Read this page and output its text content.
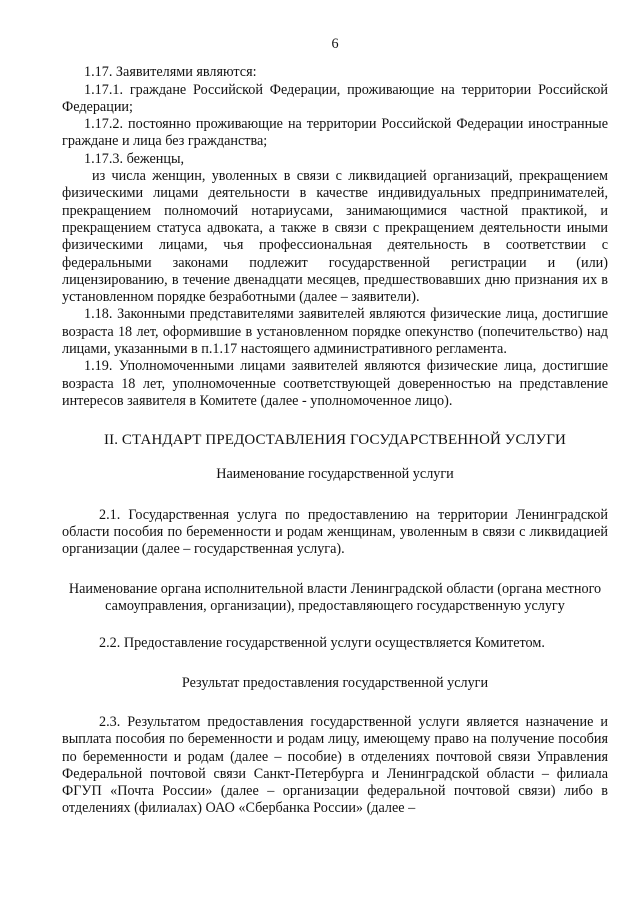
6

1.17. Заявителями являются:

1.17.1. граждане Российской Федерации, проживающие на территории Российской Федерации;

1.17.2. постоянно проживающие на территории Российской Федерации иностранные граждане и лица без гражданства;

1.17.3. беженцы,

из числа женщин, уволенных в связи с ликвидацией организаций, прекращением физическими лицами деятельности в качестве индивидуальных предпринимателей, прекращением полномочий нотариусами, занимающимися частной практикой, и прекращением статуса адвоката, а также в связи с прекращением деятельности иными физическими лицами, чья профессиональная деятельность в соответствии с федеральными законами подлежит государственной регистрации и (или) лицензированию, в течение двенадцати месяцев, предшествовавших дню признания их в установленном порядке безработными (далее – заявители).

1.18. Законными представителями заявителей являются физические лица, достигшие возраста 18 лет, оформившие в установленном порядке опекунство (попечительство) над лицами, указанными в п.1.17 настоящего административного регламента.

1.19. Уполномоченными лицами заявителей являются физические лица, достигшие возраста 18 лет, уполномоченные соответствующей доверенностью на представление интересов заявителя в Комитете (далее - уполномоченное лицо).

II. СТАНДАРТ ПРЕДОСТАВЛЕНИЯ ГОСУДАРСТВЕННОЙ УСЛУГИ

Наименование государственной услуги

2.1. Государственная услуга по предоставлению на территории Ленинградской области пособия по беременности и родам женщинам, уволенным в связи с ликвидацией организации (далее – государственная услуга).

Наименование органа исполнительной власти Ленинградской области (органа местного самоуправления, организации), предоставляющего государственную услугу

2.2. Предоставление государственной услуги осуществляется Комитетом.

Результат предоставления государственной услуги

2.3. Результатом предоставления государственной услуги является назначение и выплата пособия по беременности и родам лицу, имеющему право на получение пособия по беременности и родам (далее – пособие) в отделениях почтовой связи Управления Федеральной почтовой связи Санкт-Петербурга и Ленинградской области – филиала ФГУП «Почта России» (далее – организации федеральной почтовой связи) либо в отделениях (филиалах) ОАО «Сбербанка России» (далее –
